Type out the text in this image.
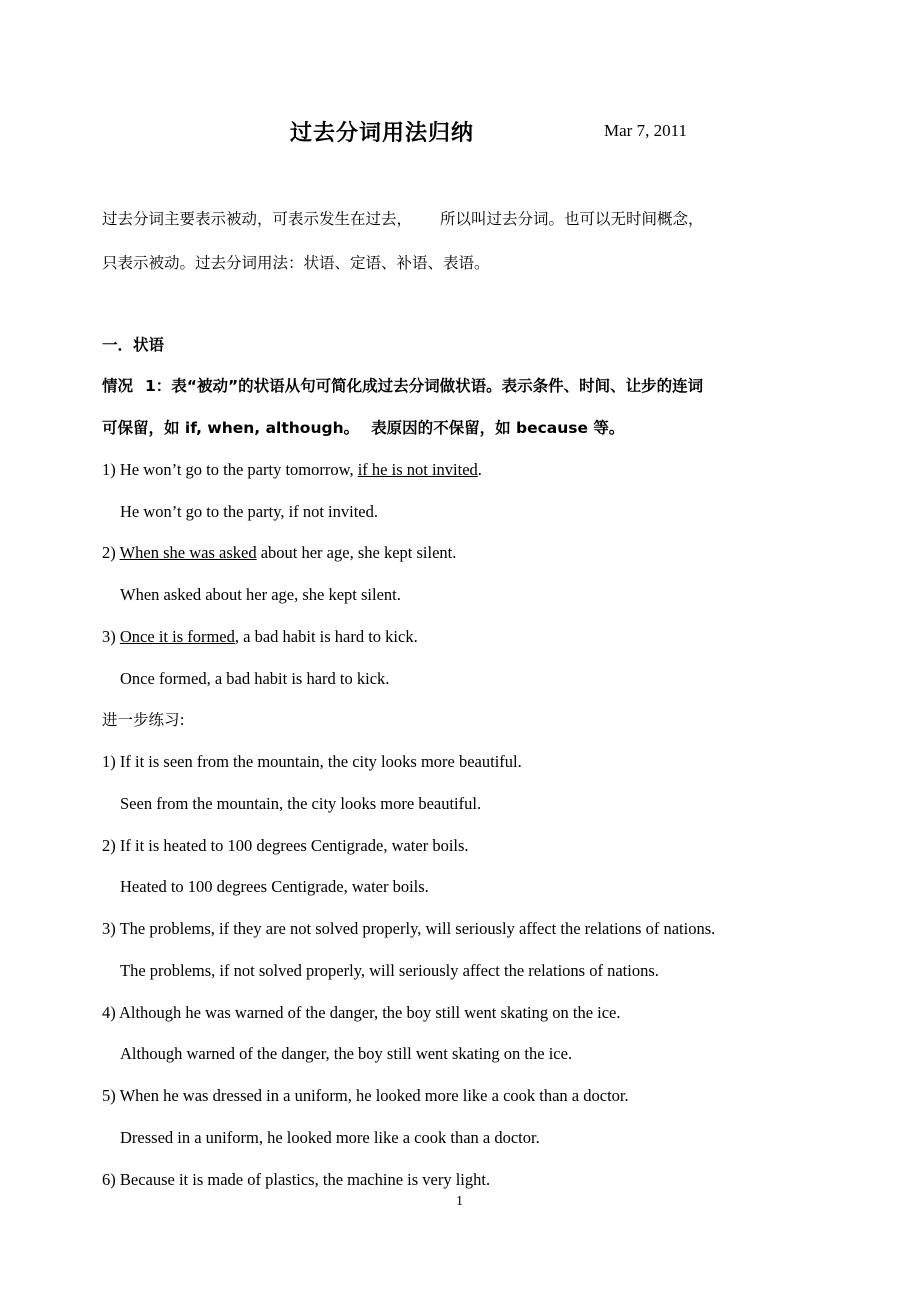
过去分词用法归纳	Mar 7, 2011
过去分词主要表示被动，可表示发生在过去， 所以叫过去分词。也可以无时间概念，
只表示被动。过去分词用法：状语、定语、补语、表语。
一．状语
情况 1：表“被动”的状语从句可简化成过去分词做状语。表示条件、时间、让步的连词
可保留，如 if, when, although。 表原因的不保留，如 because 等。
1) He won’t go to the party tomorrow, if he is not invited.
He won’t go to the party, if not invited.
2) When she was asked about her age, she kept silent.
When asked about her age, she kept silent.
3) Once it is formed, a bad habit is hard to kick.
Once formed, a bad habit is hard to kick.
进一步练习:
1) If it is seen from the mountain, the city looks more beautiful.
Seen from the mountain, the city looks more beautiful.
2) If it is heated to 100 degrees Centigrade, water boils.
Heated to 100 degrees Centigrade, water boils.
3) The problems, if they are not solved properly, will seriously affect the relations of nations.
The problems, if not solved properly, will seriously affect the relations of nations.
4) Although he was warned of the danger, the boy still went skating on the ice.
Although warned of the danger, the boy still went skating on the ice.
5) When he was dressed in a uniform, he looked more like a cook than a doctor.
Dressed in a uniform, he looked more like a cook than a doctor.
6) Because it is made of plastics, the machine is very light.
1
